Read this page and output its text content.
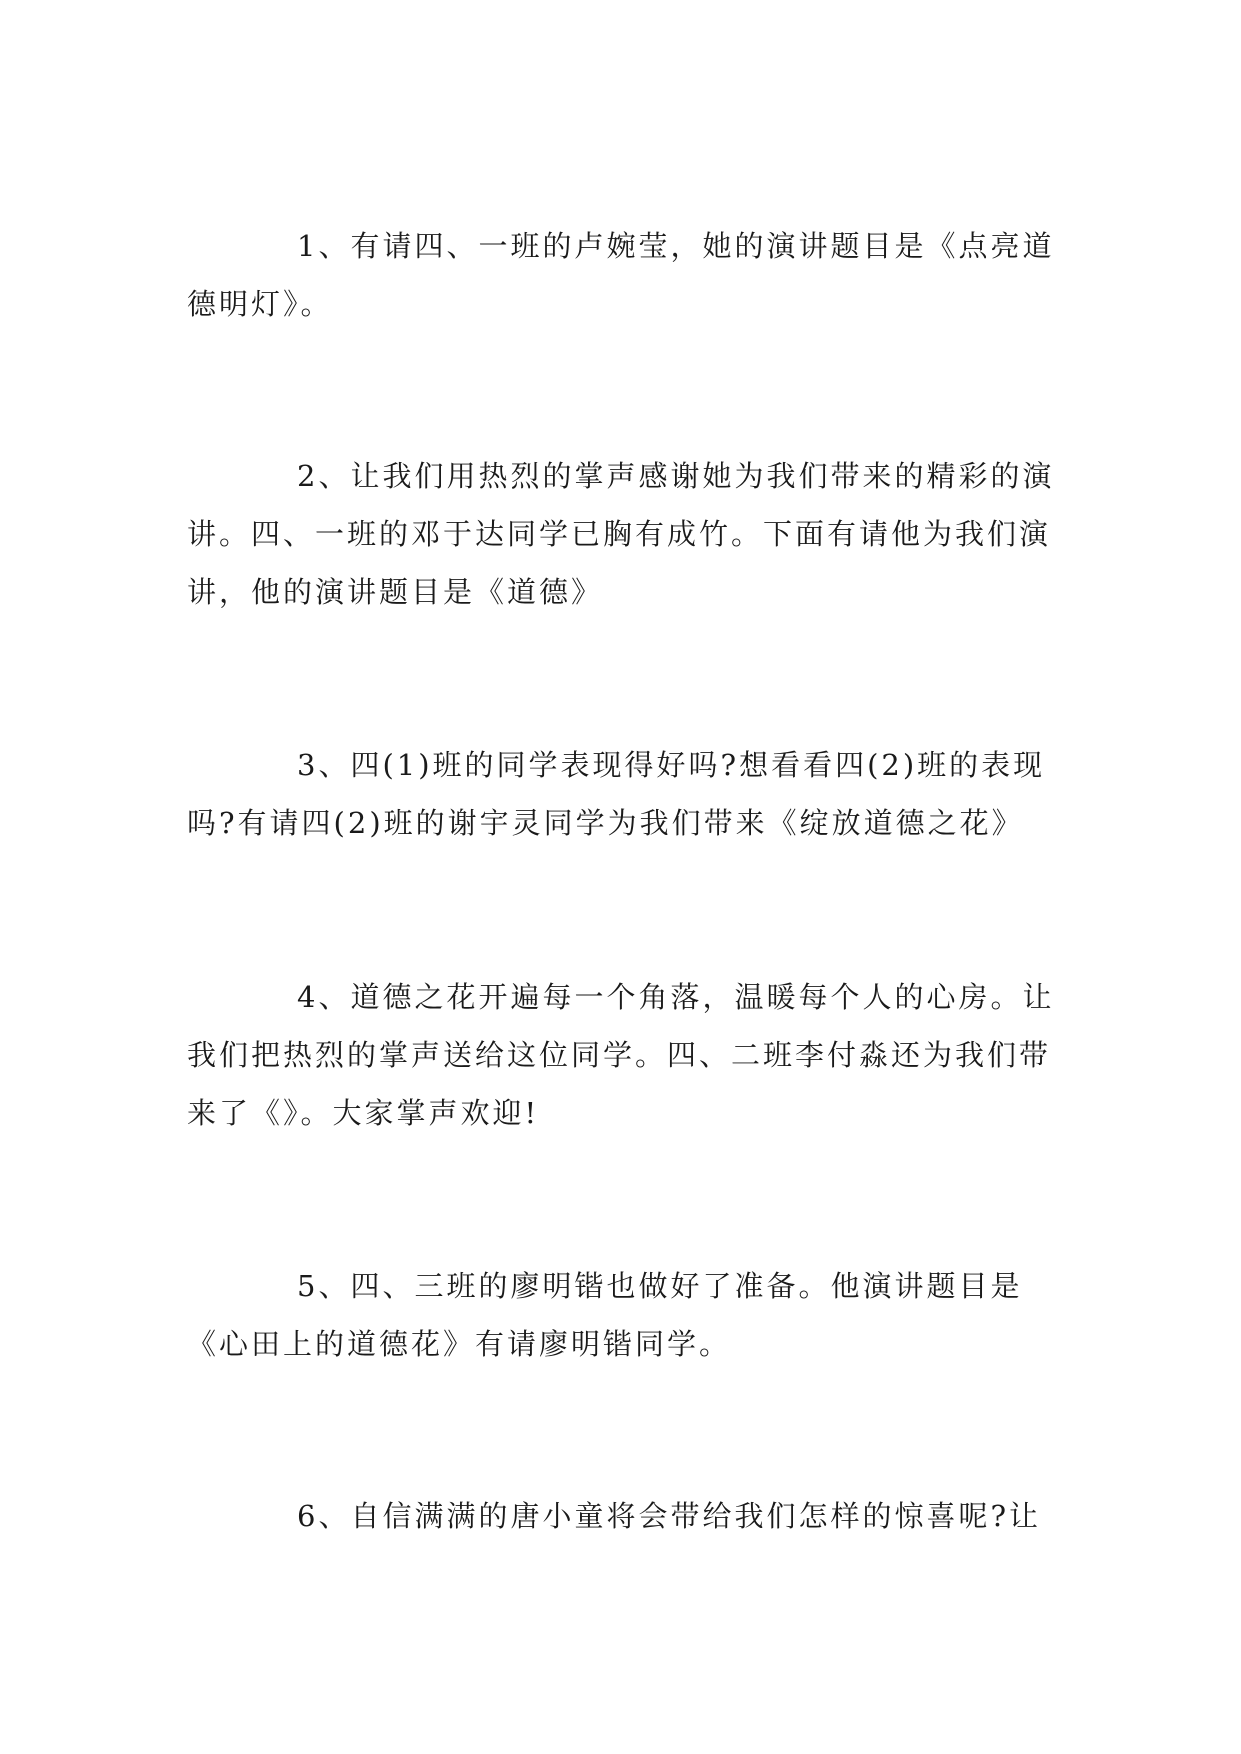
1、有请四、一班的卢婉莹，她的演讲题目是《点亮道德明灯》。

2、让我们用热烈的掌声感谢她为我们带来的精彩的演讲。四、一班的邓于达同学已胸有成竹。下面有请他为我们演讲，他的演讲题目是《道德》

3、四(1)班的同学表现得好吗?想看看四(2)班的表现吗?有请四(2)班的谢宇灵同学为我们带来《绽放道德之花》

4、道德之花开遍每一个角落，温暖每个人的心房。让我们把热烈的掌声送给这位同学。四、二班李付淼还为我们带来了《》。大家掌声欢迎!

5、四、三班的廖明锴也做好了准备。他演讲题目是《心田上的道德花》有请廖明锴同学。

6、自信满满的唐小童将会带给我们怎样的惊喜呢?让
